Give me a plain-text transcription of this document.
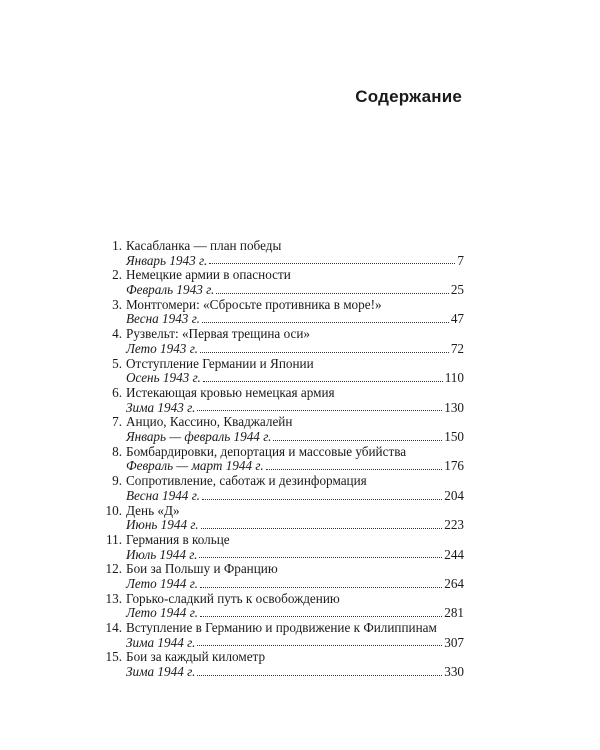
Содержание
1. Касабланка — план победы
Январь 1943 г.	7
2. Немецкие армии в опасности
Февраль 1943 г.	25
3. Монтгомери: «Сбросьте противника в море!»
Весна 1943 г.	47
4. Рузвельт: «Первая трещина оси»
Лето 1943 г.	72
5. Отступление Германии и Японии
Осень 1943 г.	110
6. Истекающая кровью немецкая армия
Зима 1943 г.	130
7. Анцио, Кассино, Кваджалейн
Январь — февраль 1944 г.	150
8. Бомбардировки, депортация и массовые убийства
Февраль — март 1944 г.	176
9. Сопротивление, саботаж и дезинформация
Весна 1944 г.	204
10. День «Д»
Июнь 1944 г.	223
11. Германия в кольце
Июль 1944 г.	244
12. Бои за Польшу и Францию
Лето 1944 г.	264
13. Горько-сладкий путь к освобождению
Лето 1944 г.	281
14. Вступление в Германию и продвижение к Филиппинам
Зима 1944 г.	307
15. Бои за каждый километр
Зима 1944 г.	330
